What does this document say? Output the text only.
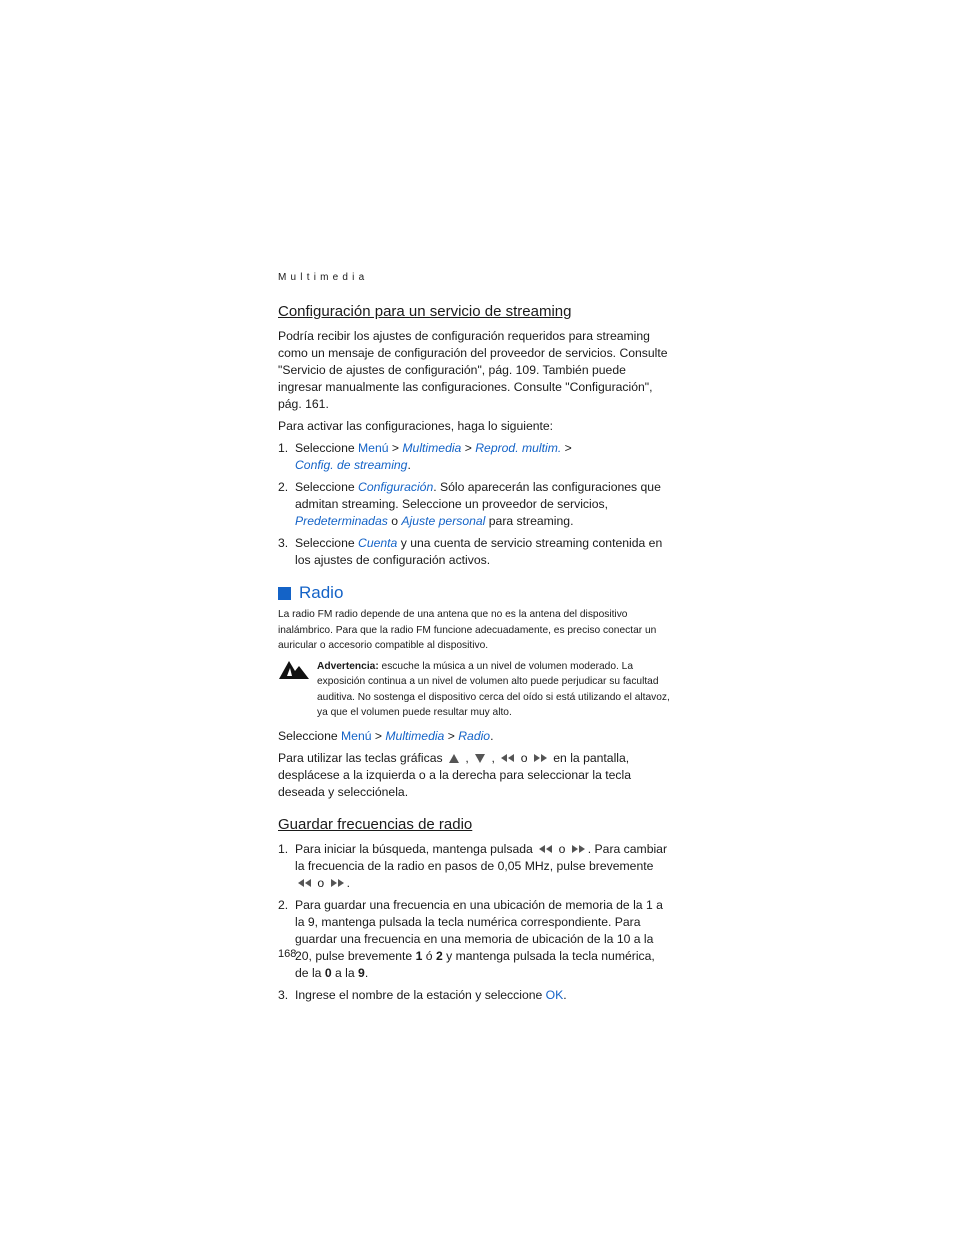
Multimedia
Configuración para un servicio de streaming

Podría recibir los ajustes de configuración requeridos para streaming como un mensaje de configuración del proveedor de servicios. Consulte "Servicio de ajustes de configuración", pág. 109. También puede ingresar manualmente las configuraciones. Consulte "Configuración", pág. 161.

Para activar las configuraciones, haga lo siguiente:

1. Seleccione Menú > Multimedia > Reprod. multim. >
Config. de streaming.
2. Seleccione Configuración. Sólo aparecerán las configuraciones que admitan streaming. Seleccione un proveedor de servicios, Predeterminadas o Ajuste personal para streaming.
3. Seleccione Cuenta y una cuenta de servicio streaming contenida en los ajustes de configuración activos.
Radio

La radio FM radio depende de una antena que no es la antena del dispositivo inalámbrico. Para que la radio FM funcione adecuadamente, es preciso conectar un auricular o accesorio compatible al dispositivo.

Advertencia: escuche la música a un nivel de volumen moderado. La exposición continua a un nivel de volumen alto puede perjudicar su facultad auditiva. No sostenga el dispositivo cerca del oído si está utilizando el altavoz, ya que el volumen puede resultar muy alto.

Seleccione Menú > Multimedia > Radio.

Para utilizar las teclas gráficas  ,  ,  o  en la pantalla, desplácese a la izquierda o a la derecha para seleccionar la tecla deseada y selecciónela.

Guardar frecuencias de radio
1. Para iniciar la búsqueda, mantenga pulsada  o . Para cambiar la frecuencia de la radio en pasos de 0,05 MHz, pulse brevemente  o .
2. Para guardar una frecuencia en una ubicación de memoria de la 1 a la 9, mantenga pulsada la tecla numérica correspondiente. Para guardar una frecuencia en una memoria de ubicación de la 10 a la 20, pulse brevemente 1 ó 2 y mantenga pulsada la tecla numérica, de la 0 a la 9.
3. Ingrese el nombre de la estación y seleccione OK.
168
